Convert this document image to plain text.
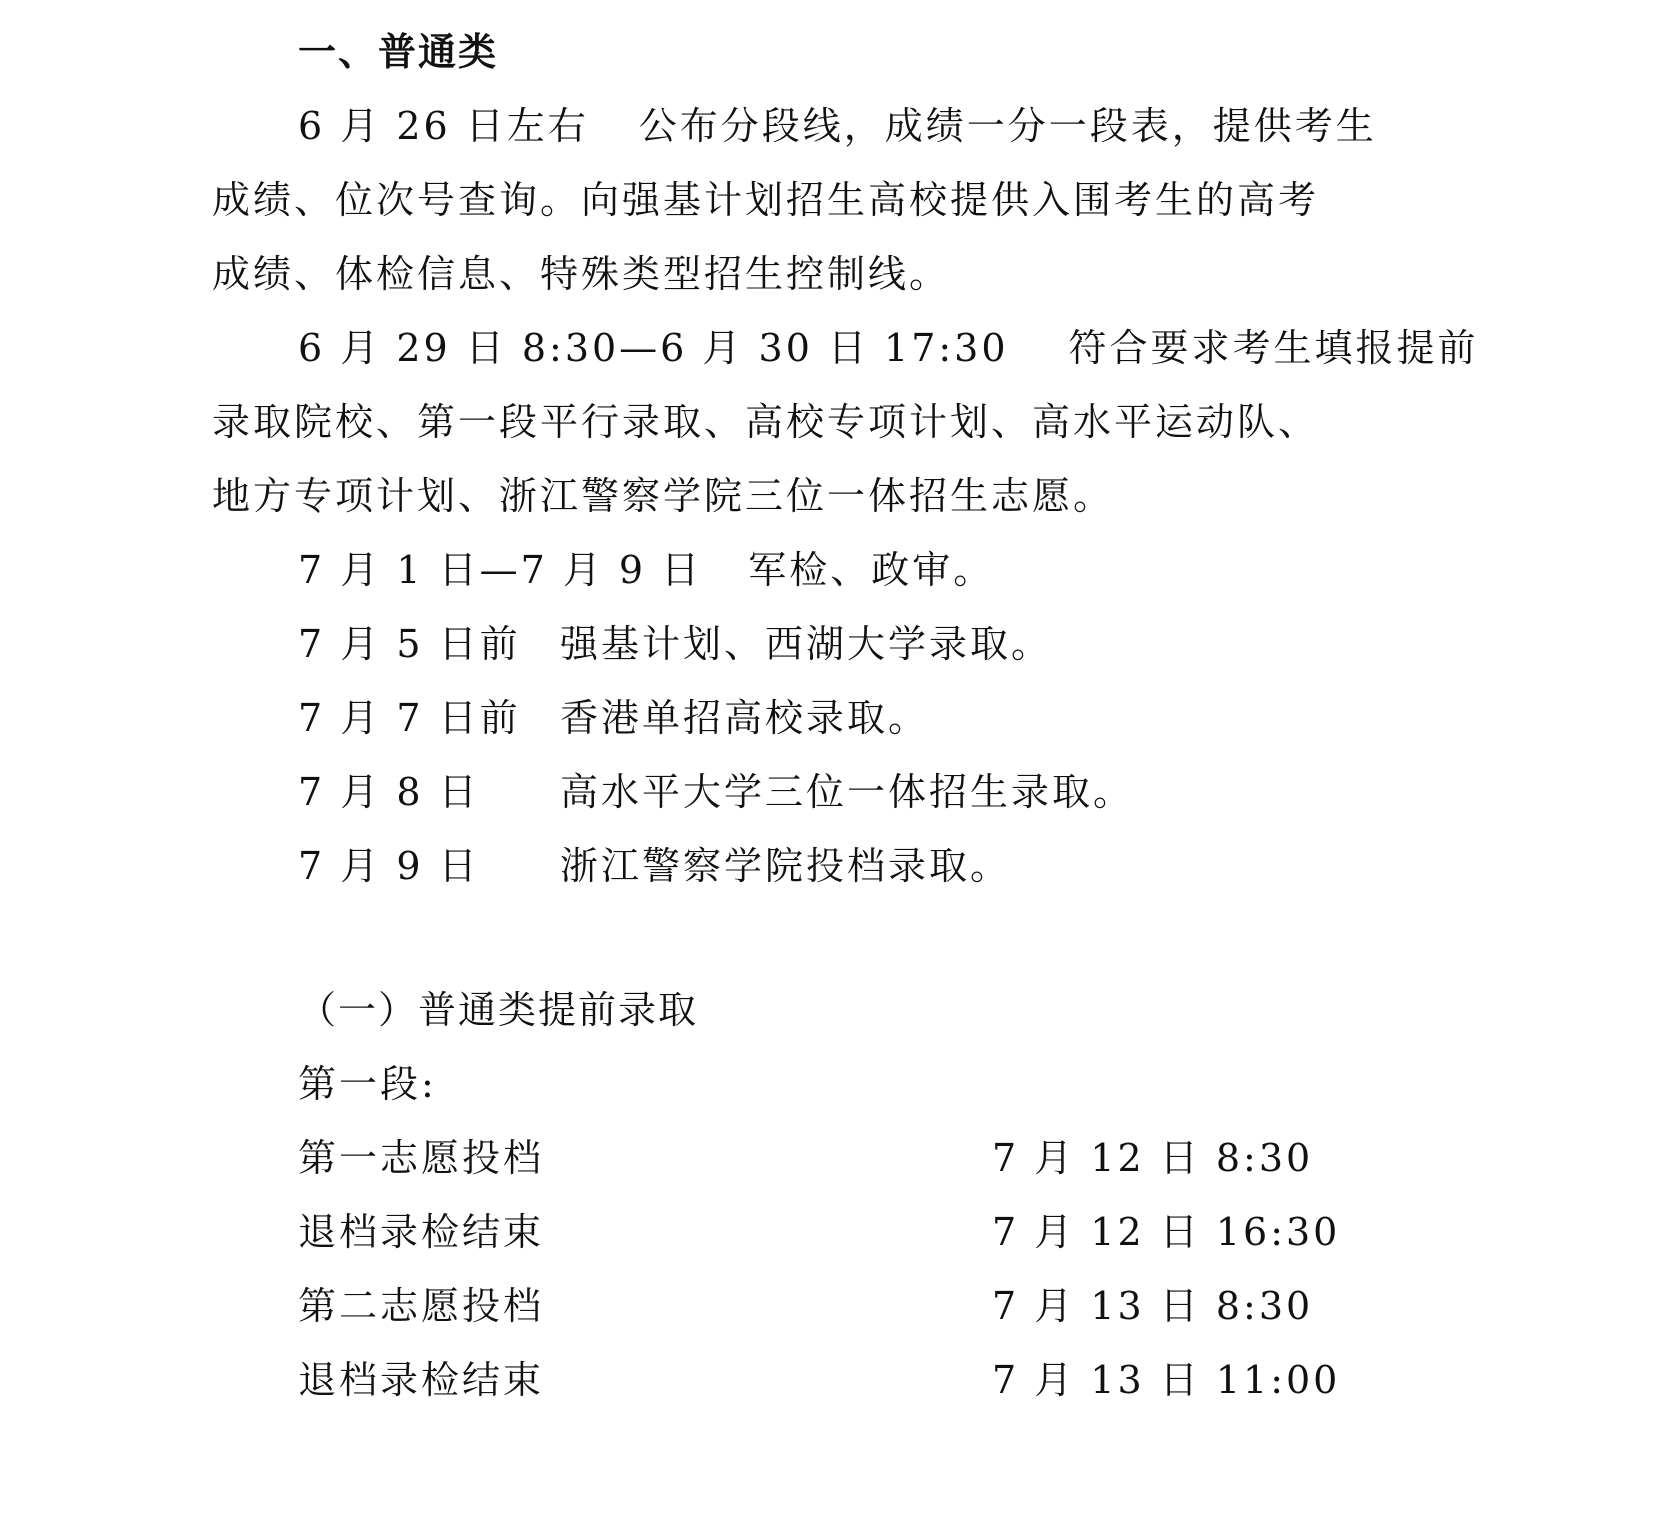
一、普通类
6 月 26 日左右 公布分段线，成绩一分一段表，提供考生
成绩、位次号查询。向强基计划招生高校提供入围考生的高考
成绩、体检信息、特殊类型招生控制线。
6 月 29 日 8:30—6 月 30 日 17:30 符合要求考生填报提前
录取院校、第一段平行录取、高校专项计划、高水平运动队、
地方专项计划、浙江警察学院三位一体招生志愿。
7 月 1 日—7 月 9 日 军检、政审。
7 月 5 日前 强基计划、西湖大学录取。
7 月 7 日前 香港单招高校录取。
7 月 8 日 高水平大学三位一体招生录取。
7 月 9 日 浙江警察学院投档录取。
（一）普通类提前录取
第一段:
第一志愿投档	7 月 12 日 8:30
退档录检结束	7 月 12 日 16:30
第二志愿投档	7 月 13 日 8:30
退档录检结束	7 月 13 日 11:00
